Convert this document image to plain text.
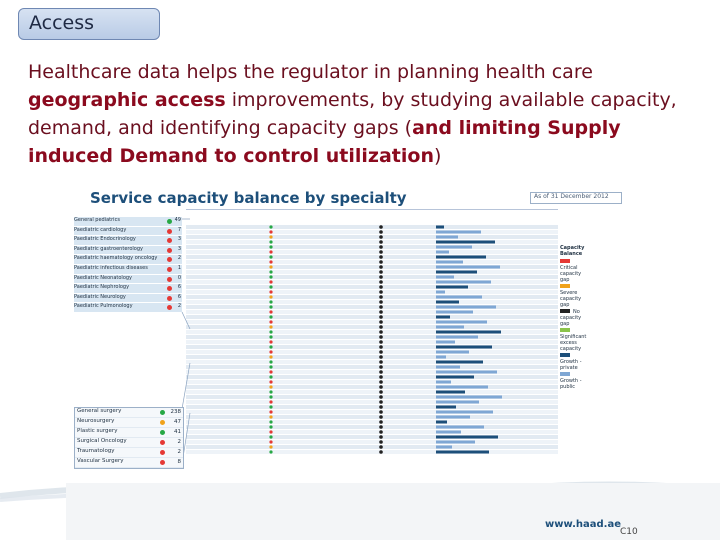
Access
Healthcare data helps the regulator in planning health care geographic access improvements, by studying available capacity, demand, and identifying capacity gaps (and limiting Supply induced Demand to control utilization)
Service capacity balance by specialty	As of 31 December 2012
General pediatrics	49
Paediatric cardiology	7
Paediatric Endocrinology	3
Paediatric gastroenterology	3
Paediatric haematology oncology	2
Paediatric infectious diseases	1
Paediatric Neonatology	0
Paediatric Nephrology	6
Paediatric Neurology	6
Paediatric Pulmonology	2
General surgery	238
Neurosurgery	47
Plastic surgery	41
Surgical Oncology	2
Traumatology	2
Vascular Surgery	8
Capacity Balance
Critical capacity gap
Severe capacity gap
No capacity gap
Significant excess capacity
Growth - private
Growth - public
www.haad.ae
C10
